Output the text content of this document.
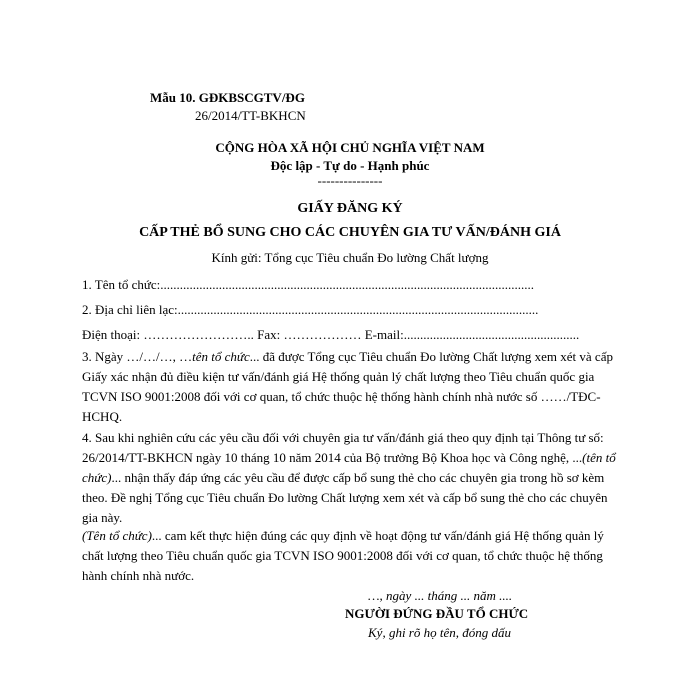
Mẫu 10. GĐKBSCGTV/ĐG
26/2014/TT-BKHCN
CỘNG HÒA XÃ HỘI CHỦ NGHĨA VIỆT NAM
Độc lập - Tự do - Hạnh phúc
---------------
GIẤY ĐĂNG KÝ
CẤP THẺ BỔ SUNG CHO CÁC CHUYÊN GIA TƯ VẤN/ĐÁNH GIÁ
Kính gửi: Tổng cục Tiêu chuẩn Đo lường Chất lượng
1. Tên tổ chức:...................................................................................................................
2. Địa chỉ liên lạc:...............................................................................................................
Điện thoại: …………………….. Fax: ……………… E-mail:......................................................
3. Ngày …/…/…, …tên tổ chức... đã được Tổng cục Tiêu chuẩn Đo lường Chất lượng xem xét và cấp Giấy xác nhận đủ điều kiện tư vấn/đánh giá Hệ thống quản lý chất lượng theo Tiêu chuẩn quốc gia TCVN ISO 9001:2008 đối với cơ quan, tổ chức thuộc hệ thống hành chính nhà nước số ……/TĐC-HCHQ.
4. Sau khi nghiên cứu các yêu cầu đối với chuyên gia tư vấn/đánh giá theo quy định tại Thông tư số: 26/2014/TT-BKHCN ngày 10 tháng 10 năm 2014 của Bộ trưởng Bộ Khoa học và Công nghệ, ...(tên tổ chức)... nhận thấy đáp ứng các yêu cầu để được cấp bổ sung thẻ cho các chuyên gia trong hồ sơ kèm theo. Đề nghị Tổng cục Tiêu chuẩn Đo lường Chất lượng xem xét và cấp bổ sung thẻ cho các chuyên gia này.
(Tên tổ chức)... cam kết thực hiện đúng các quy định về hoạt động tư vấn/đánh giá Hệ thống quản lý chất lượng theo Tiêu chuẩn quốc gia TCVN ISO 9001:2008 đối với cơ quan, tổ chức thuộc hệ thống hành chính nhà nước.
…, ngày ... tháng ... năm ....
NGƯỜI ĐỨNG ĐẦU TỔ CHỨC
Ký, ghi rõ họ tên, đóng dấu
